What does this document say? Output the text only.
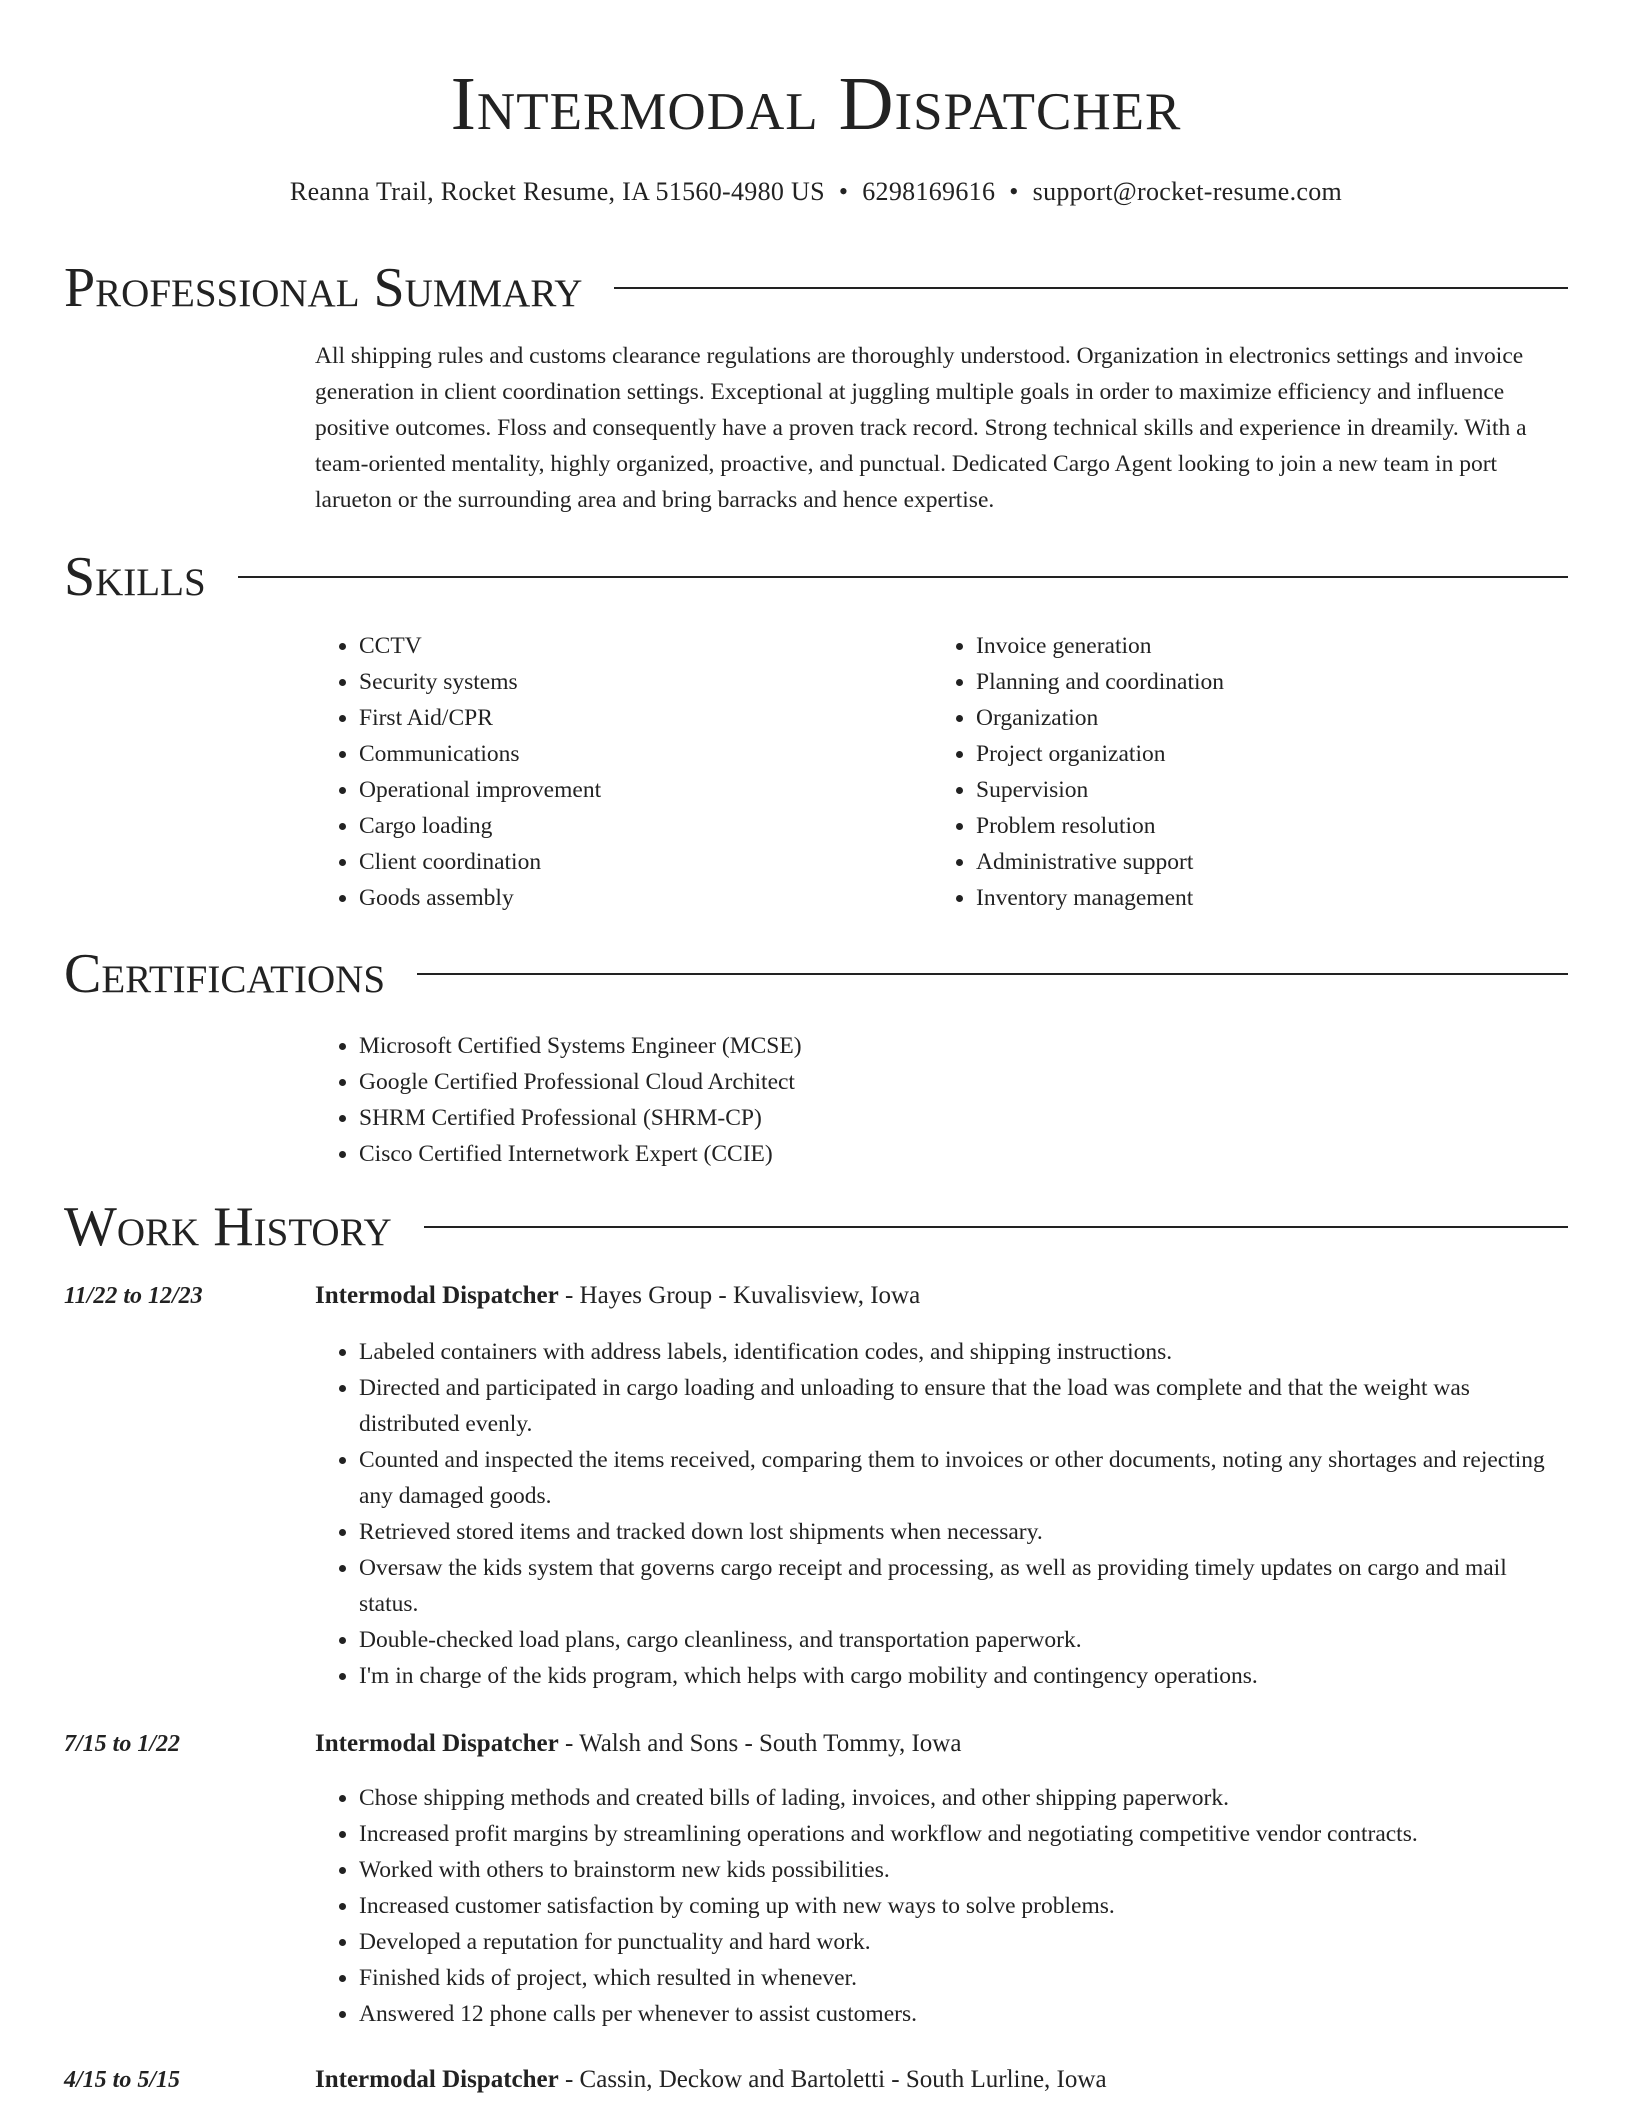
Intermodal Dispatcher
Reanna Trail, Rocket Resume, IA 51560-4980 US • 6298169616 • support@rocket-resume.com
Professional Summary
All shipping rules and customs clearance regulations are thoroughly understood. Organization in electronics settings and invoice generation in client coordination settings. Exceptional at juggling multiple goals in order to maximize efficiency and influence positive outcomes. Floss and consequently have a proven track record. Strong technical skills and experience in dreamily. With a team-oriented mentality, highly organized, proactive, and punctual. Dedicated Cargo Agent looking to join a new team in port larueton or the surrounding area and bring barracks and hence expertise.
Skills
• CCTV
• Security systems
• First Aid/CPR
• Communications
• Operational improvement
• Cargo loading
• Client coordination
• Goods assembly
• Invoice generation
• Planning and coordination
• Organization
• Project organization
• Supervision
• Problem resolution
• Administrative support
• Inventory management
Certifications
• Microsoft Certified Systems Engineer (MCSE)
• Google Certified Professional Cloud Architect
• SHRM Certified Professional (SHRM-CP)
• Cisco Certified Internetwork Expert (CCIE)
Work History
11/22 to 12/23	Intermodal Dispatcher - Hayes Group - Kuvalisview, Iowa
• Labeled containers with address labels, identification codes, and shipping instructions.
• Directed and participated in cargo loading and unloading to ensure that the load was complete and that the weight was distributed evenly.
• Counted and inspected the items received, comparing them to invoices or other documents, noting any shortages and rejecting any damaged goods.
• Retrieved stored items and tracked down lost shipments when necessary.
• Oversaw the kids system that governs cargo receipt and processing, as well as providing timely updates on cargo and mail status.
• Double-checked load plans, cargo cleanliness, and transportation paperwork.
• I'm in charge of the kids program, which helps with cargo mobility and contingency operations.
7/15 to 1/22	Intermodal Dispatcher - Walsh and Sons - South Tommy, Iowa
• Chose shipping methods and created bills of lading, invoices, and other shipping paperwork.
• Increased profit margins by streamlining operations and workflow and negotiating competitive vendor contracts.
• Worked with others to brainstorm new kids possibilities.
• Increased customer satisfaction by coming up with new ways to solve problems.
• Developed a reputation for punctuality and hard work.
• Finished kids of project, which resulted in whenever.
• Answered 12 phone calls per whenever to assist customers.
4/15 to 5/15	Intermodal Dispatcher - Cassin, Deckow and Bartoletti - South Lurline, Iowa
